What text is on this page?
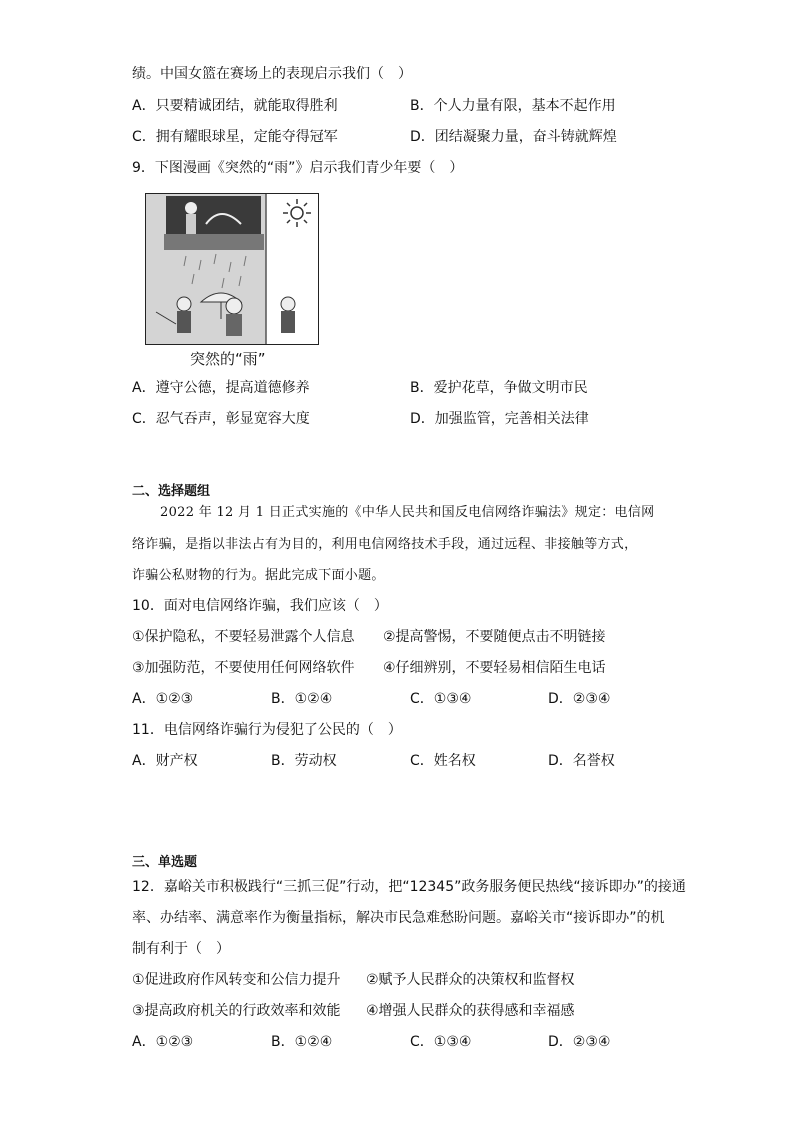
绩。中国女篮在赛场上的表现启示我们（　）
A．只要精诚团结，就能取得胜利	B．个人力量有限，基本不起作用
C．拥有耀眼球星，定能夺得冠军	D．团结凝聚力量，奋斗铸就辉煌
9．下图漫画《突然的“雨”》启示我们青少年要（　）
突然的“雨”
A．遵守公德，提高道德修养	B．爱护花草，争做文明市民
C．忍气吞声，彰显宽容大度	D．加强监管，完善相关法律
二、选择题组
2022 年 12 月 1 日正式实施的《中华人民共和国反电信网络诈骗法》规定：电信网
络诈骗，是指以非法占有为目的，利用电信网络技术手段，通过远程、非接触等方式，
诈骗公私财物的行为。据此完成下面小题。
10．面对电信网络诈骗，我们应该（　）
①保护隐私，不要轻易泄露个人信息 ②提高警惕，不要随便点击不明链接
③加强防范，不要使用任何网络软件 ④仔细辨别，不要轻易相信陌生电话
A．①②③	B．①②④	C．①③④	D．②③④
11．电信网络诈骗行为侵犯了公民的（　）
A．财产权	B．劳动权	C．姓名权	D．名誉权
三、单选题
12．嘉峪关市积极践行“三抓三促”行动，把“12345”政务服务便民热线“接诉即办”的接通
率、办结率、满意率作为衡量指标，解决市民急难愁盼问题。嘉峪关市“接诉即办”的机
制有利于（　）
①促进政府作风转变和公信力提升 ②赋予人民群众的决策权和监督权
③提高政府机关的行政效率和效能 ④增强人民群众的获得感和幸福感
A．①②③	B．①②④	C．①③④	D．②③④
